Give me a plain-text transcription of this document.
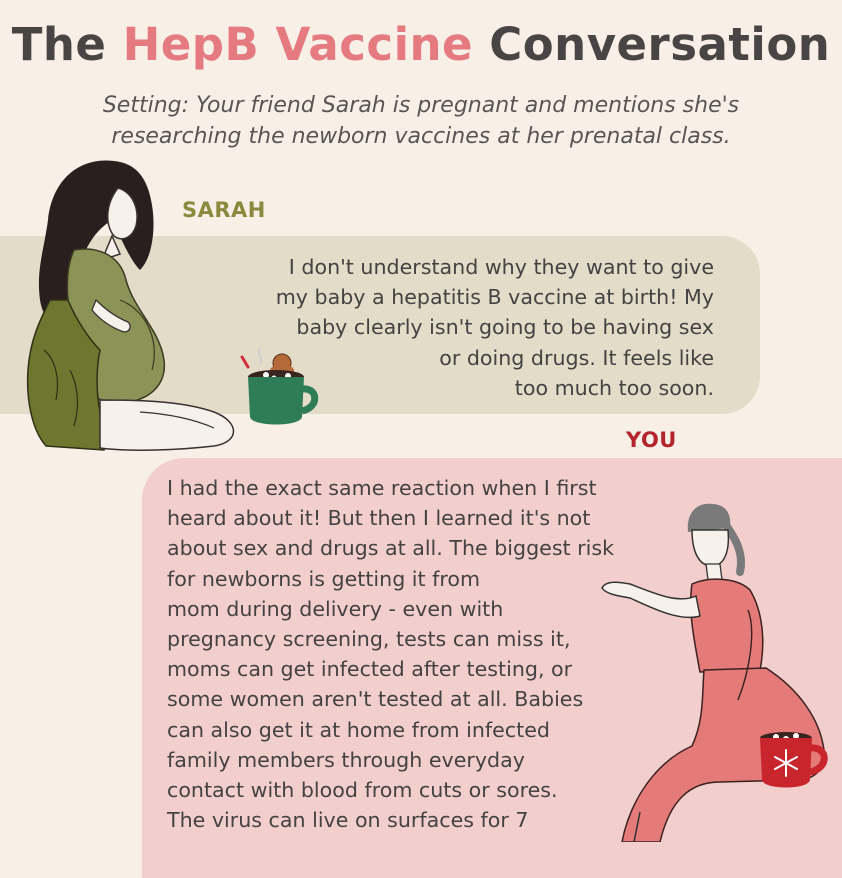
The HepB Vaccine Conversation
Setting: Your friend Sarah is pregnant and mentions she's
researching the newborn vaccines at her prenatal class.
SARAH
YOU
I don't understand why they want to give
my baby a hepatitis B vaccine at birth! My
baby clearly isn't going to be having sex
or doing drugs. It feels like
too much too soon.
I had the exact same reaction when I first
heard about it! But then I learned it's not
about sex and drugs at all. The biggest risk
for newborns is getting it from
mom during delivery - even with
pregnancy screening, tests can miss it,
moms can get infected after testing, or
some women aren't tested at all. Babies
can also get it at home from infected
family members through everyday
contact with blood from cuts or sores.
The virus can live on surfaces for 7
